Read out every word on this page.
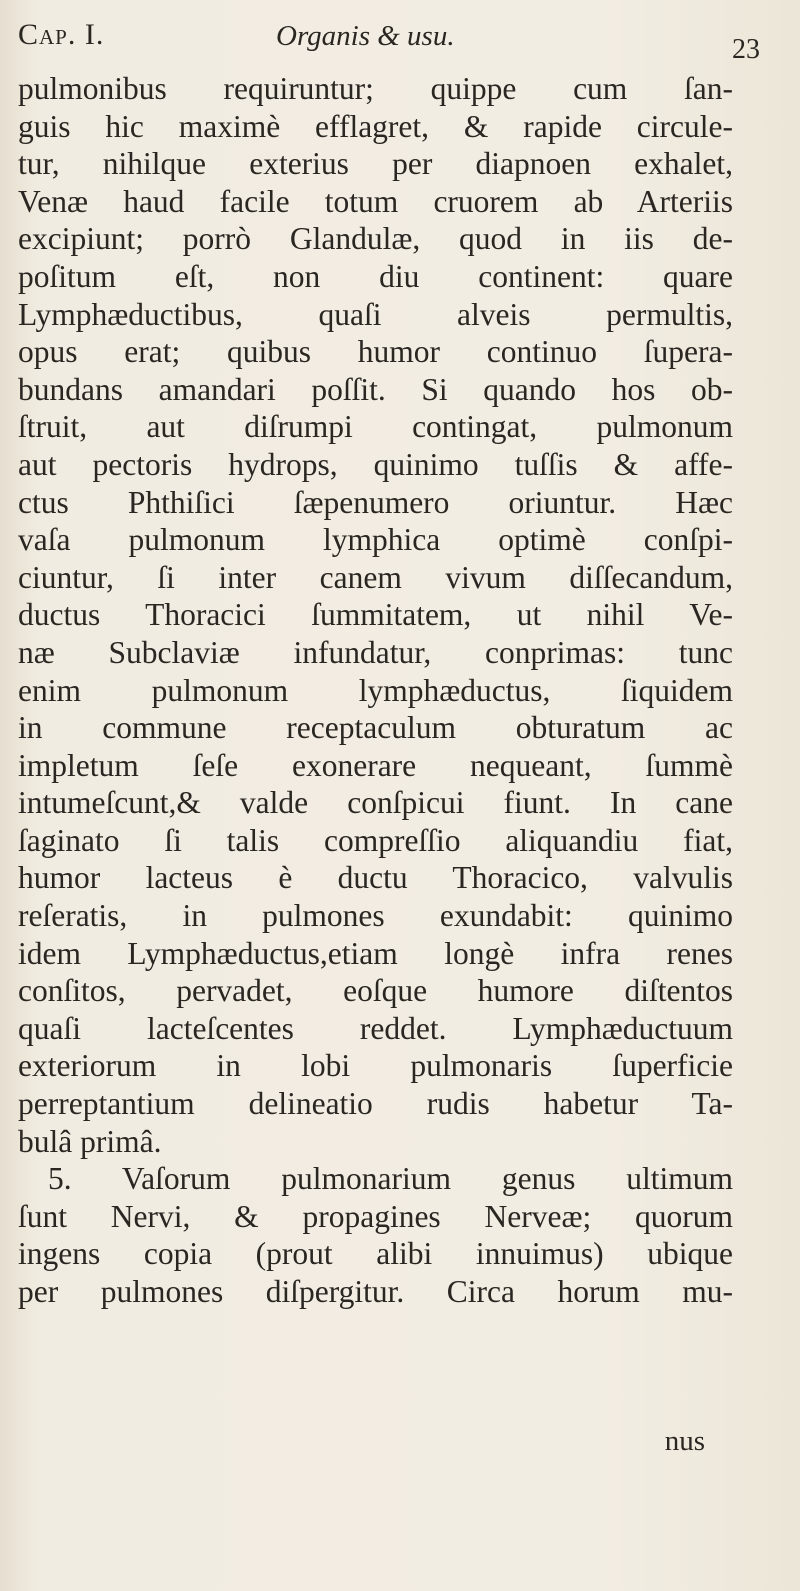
Cap. I.	Organis & usu.	23
pulmonibus requiruntur; quippe cum ſan-
guis hic maximè efflagret, & rapide circule-
tur, nihilque exterius per diapnoen exhalet,
Venæ haud facile totum cruorem ab Arteriis
excipiunt; porrò Glandulæ, quod in iis de-
poſitum eſt, non diu continent: quare
Lymphæductibus, quaſi alveis permultis,
opus erat; quibus humor continuo ſupera-
bundans amandari poſſit. Si quando hos ob-
ſtruit, aut diſrumpi contingat, pulmonum
aut pectoris hydrops, quinimo tuſſis & affe-
ctus Phthiſici ſæpenumero oriuntur. Hæc
vaſa pulmonum lymphica optimè conſpi-
ciuntur, ſi inter canem vivum diſſecandum,
ductus Thoracici ſummitatem, ut nihil Ve-
næ Subclaviæ infundatur, conprimas: tunc
enim pulmonum lymphæductus, ſiquidem
in commune receptaculum obturatum ac
impletum ſeſe exonerare nequeant, ſummè
intumeſcunt,& valde conſpicui fiunt. In cane
ſaginato ſi talis compreſſio aliquandiu fiat,
humor lacteus è ductu Thoracico, valvulis
reſeratis, in pulmones exundabit: quinimo
idem Lymphæductus,etiam longè infra renes
conſitos, pervadet, eoſque humore diſtentos
quaſi lacteſcentes reddet. Lymphæductuum
exteriorum in lobi pulmonaris ſuperficie
perreptantium delineatio rudis habetur Ta-
bulâ primâ.
5. Vaſorum pulmonarium genus ultimum
ſunt Nervi, & propagines Nerveæ; quorum
ingens copia (prout alibi innuimus) ubique
per pulmones diſpergitur. Circa horum mu-
nus
